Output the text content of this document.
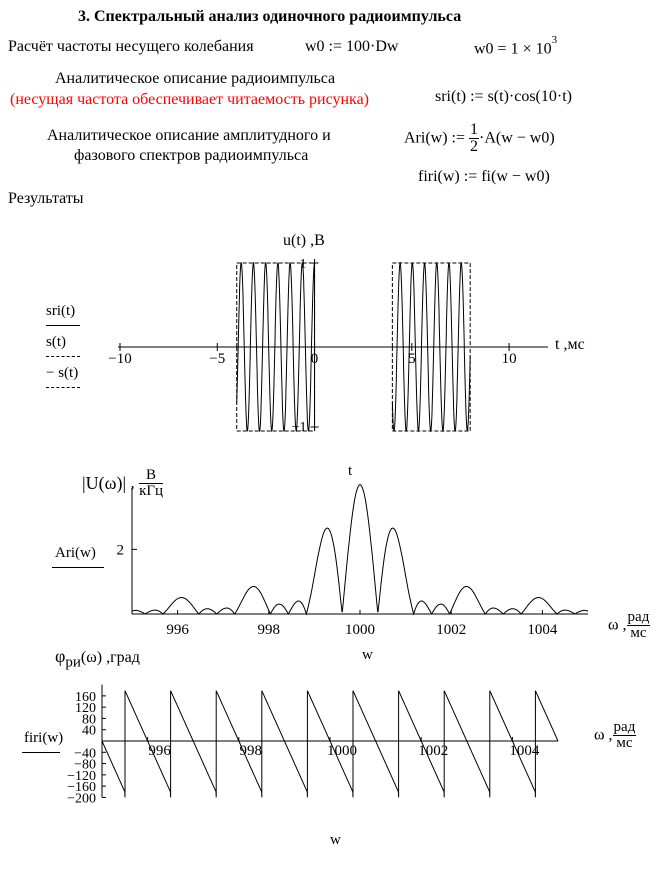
3. Спектральный анализ одиночного радиоимпульса
Расчёт частоты несущего колебания	w0 := 100·Dw	$w0 = 1 \times 10^3$
Аналитическое описание радиоимпульса
(несущая частота обеспечивает читаемость рисунка)	sri(t) := s(t)·cos(10·t)
Аналитическое описание амплитудного и
фазового спектров радиоимпульса
Ari(w) := $\frac{1}{2} \cdot A(w - w0)$
firi(w) := fi(w − w0)
Результаты
u(t) ,В
t ,мс
sri(t)
s(t)
− s(t)
|U(ω)| , $\frac{В}{\text{кГц}}$	t
Ari(w)
ω , $\frac{\text{рад}}{мс}$
w
$\varphi_{ри}(\omega)$ ,град
firi(w)	ω , $\frac{\text{рад}}{мс}$
w
−10	−5	0	5	10
1
−1
2
996	998	1000	1002	1004
160
120
80
40
−40
−80
−120
−160
−200
996	998	1000	1002	1004
